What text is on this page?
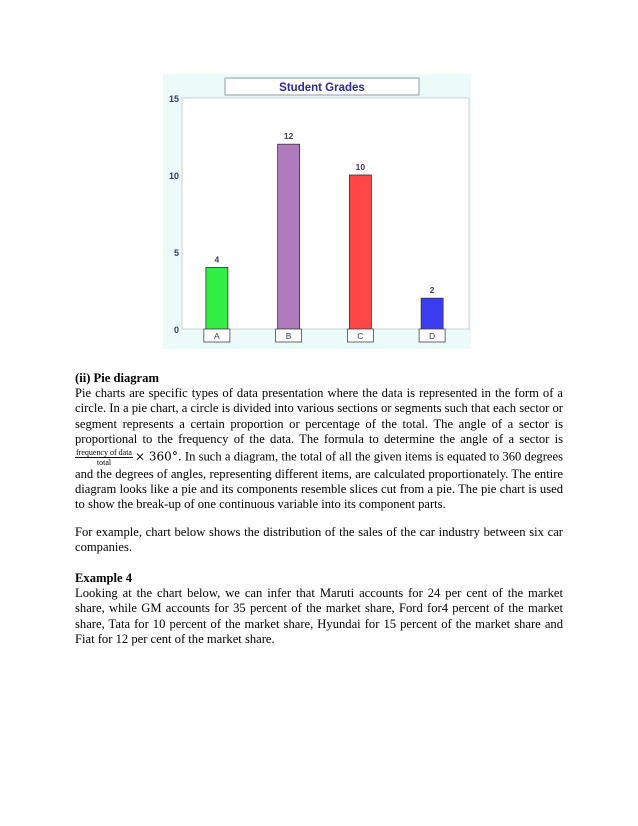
Student Grades
0
5
10
15
4
A
12
B
10
C
2
D
(ii) Pie diagram
Pie charts are specific types of data presentation where the data is represented in the form of a circle. In a pie chart, a circle is divided into various sections or segments such that each sector or segment represents a certain proportion or percentage of the total. The angle of a sector is proportional to the frequency of the data. The formula to determine the angle of a sector is
$\frac{\text{frequency of data}}{\text{total}} \times 360^\circ$. In such a diagram, the total of all the given items is equated to 360 degrees and the degrees of angles, representing different items, are calculated proportionately. The entire diagram looks like a pie and its components resemble slices cut from a pie. The pie chart is used to show the break-up of one continuous variable into its component parts.
For example, chart below shows the distribution of the sales of the car industry between six car companies.
Example 4
Looking at the chart below, we can infer that Maruti accounts for 24 per cent of the market share, while GM accounts for 35 percent of the market share, Ford for4 percent of the market share, Tata for 10 percent of the market share, Hyundai for 15 percent of the market share and Fiat for 12 per cent of the market share.
